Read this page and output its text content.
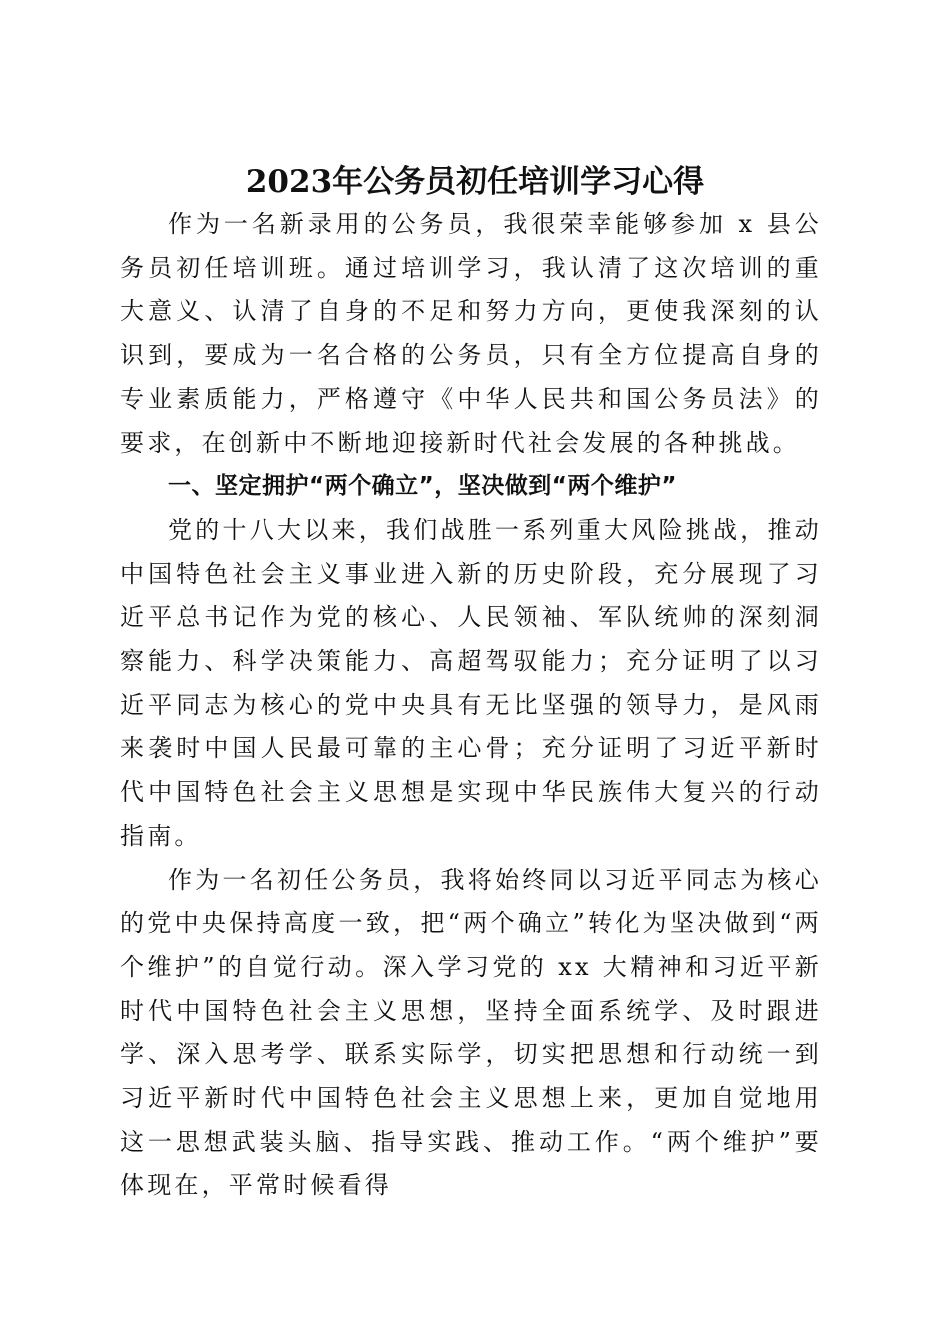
2023年公务员初任培训学习心得

作为一名新录用的公务员，我很荣幸能够参加 x 县公务员初任培训班。通过培训学习，我认清了这次培训的重大意义、认清了自身的不足和努力方向，更使我深刻的认识到，要成为一名合格的公务员，只有全方位提高自身的专业素质能力，严格遵守《中华人民共和国公务员法》的要求，在创新中不断地迎接新时代社会发展的各种挑战。

一、坚定拥护“两个确立”，坚决做到“两个维护”

党的十八大以来，我们战胜一系列重大风险挑战，推动中国特色社会主义事业进入新的历史阶段，充分展现了习近平总书记作为党的核心、人民领袖、军队统帅的深刻洞察能力、科学决策能力、高超驾驭能力；充分证明了以习近平同志为核心的党中央具有无比坚强的领导力，是风雨来袭时中国人民最可靠的主心骨；充分证明了习近平新时代中国特色社会主义思想是实现中华民族伟大复兴的行动指南。

作为一名初任公务员，我将始终同以习近平同志为核心的党中央保持高度一致，把“两个确立”转化为坚决做到“两个维护”的自觉行动。深入学习党的 xx 大精神和习近平新时代中国特色社会主义思想，坚持全面系统学、及时跟进学、深入思考学、联系实际学，切实把思想和行动统一到习近平新时代中国特色社会主义思想上来，更加自觉地用这一思想武装头脑、指导实践、推动工作。“两个维护”要体现在，平常时候看得
